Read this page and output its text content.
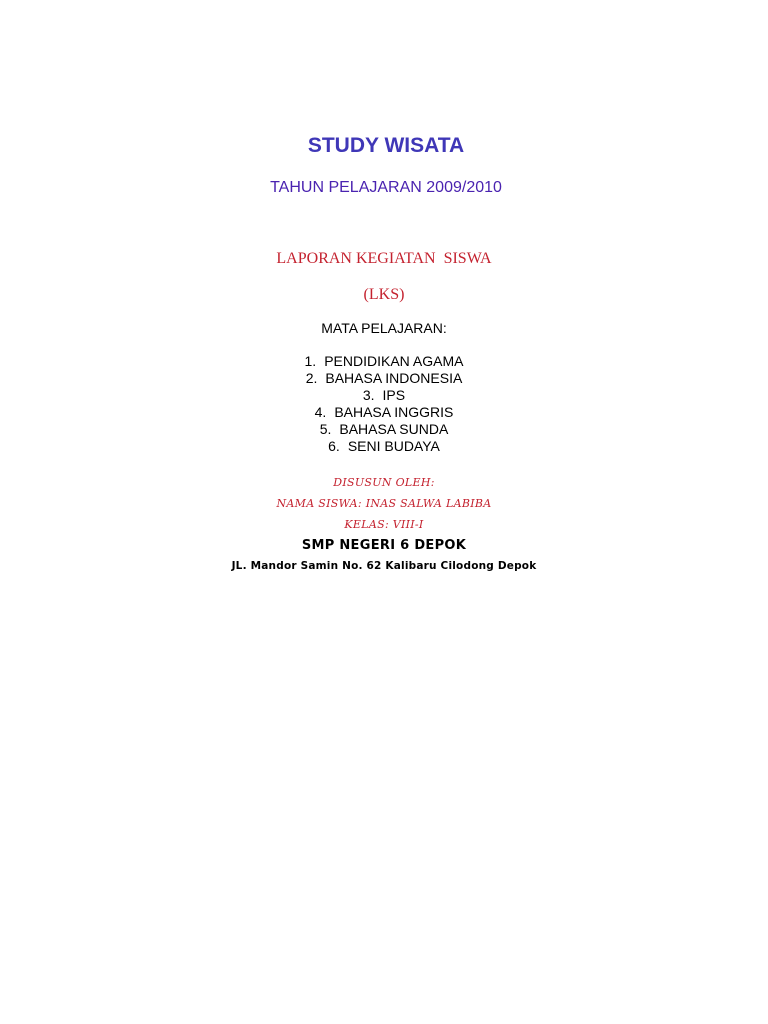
STUDY WISATA
TAHUN PELAJARAN 2009/2010
LAPORAN KEGIATAN  SISWA
(LKS)
MATA PELAJARAN:
1. PENDIDIKAN AGAMA
2. BAHASA INDONESIA
3. IPS
4. BAHASA INGGRIS
5. BAHASA SUNDA
6. SENI BUDAYA
DISUSUN OLEH:
NAMA SISWA: INAS SALWA LABIBA
KELAS: VIII-I
SMP NEGERI 6 DEPOK
JL. Mandor Samin No. 62 Kalibaru Cilodong Depok
